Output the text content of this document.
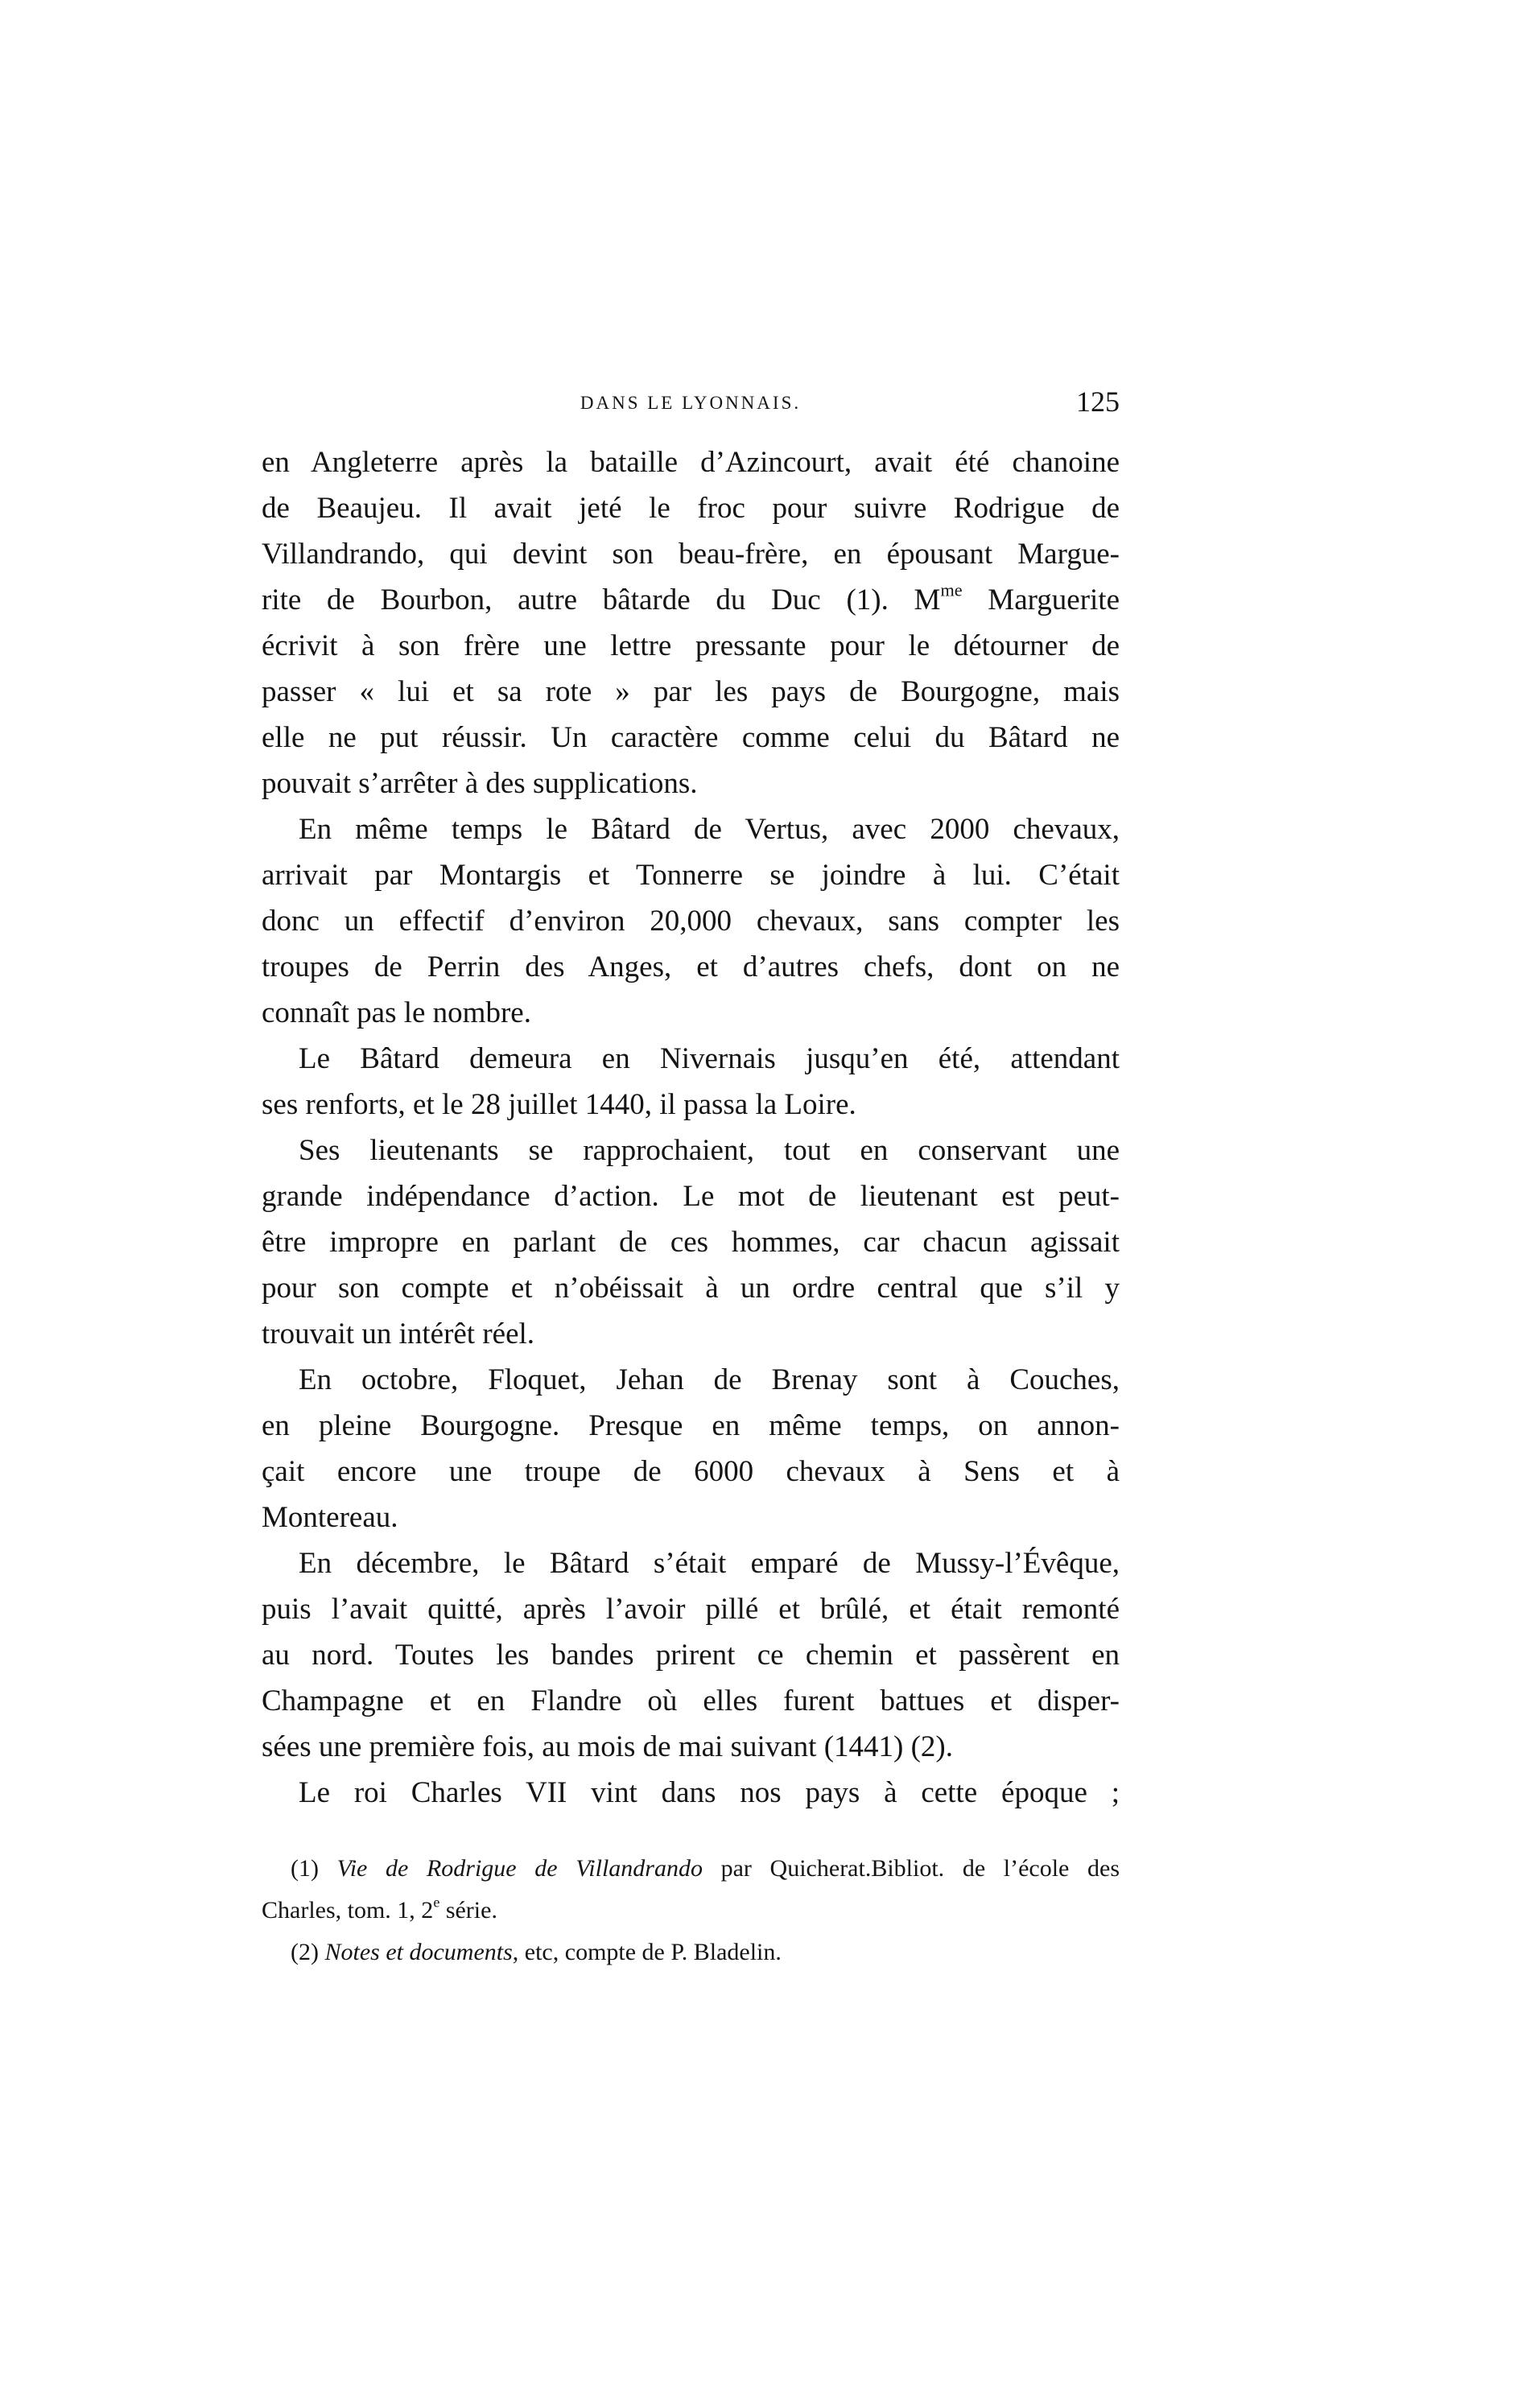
DANS LE LYONNAIS.	125
en Angleterre après la bataille d’Azincourt, avait été chanoine
de Beaujeu. Il avait jeté le froc pour suivre Rodrigue de
Villandrando, qui devint son beau-frère, en épousant Margue-
rite de Bourbon, autre bâtarde du Duc (1). $M^{me}$ Marguerite
écrivit à son frère une lettre pressante pour le détourner de
passer « lui et sa rote » par les pays de Bourgogne, mais
elle ne put réussir. Un caractère comme celui du Bâtard ne
pouvait s’arrêter à des supplications.
En même temps le Bâtard de Vertus, avec 2000 chevaux,
arrivait par Montargis et Tonnerre se joindre à lui. C’était
donc un effectif d’environ 20,000 chevaux, sans compter les
troupes de Perrin des Anges, et d’autres chefs, dont on ne
connaît pas le nombre.
Le Bâtard demeura en Nivernais jusqu’en été, attendant
ses renforts, et le 28 juillet 1440, il passa la Loire.
Ses lieutenants se rapprochaient, tout en conservant une
grande indépendance d’action. Le mot de lieutenant est peut-
être impropre en parlant de ces hommes, car chacun agissait
pour son compte et n’obéissait à un ordre central que s’il y
trouvait un intérêt réel.
En octobre, Floquet, Jehan de Brenay sont à Couches,
en pleine Bourgogne. Presque en même temps, on annon-
çait encore une troupe de 6000 chevaux à Sens et à
Montereau.
En décembre, le Bâtard s’était emparé de Mussy-l’Évêque,
puis l’avait quitté, après l’avoir pillé et brûlé, et était remonté
au nord. Toutes les bandes prirent ce chemin et passèrent en
Champagne et en Flandre où elles furent battues et disper-
sées une première fois, au mois de mai suivant (1441) (2).
Le roi Charles VII vint dans nos pays à cette époque ;
(1) Vie de Rodrigue de Villandrando par Quicherat.Bibliot. de l’école des
Charles, tom. 1, 2e série.
(2) Notes et documents, etc, compte de P. Bladelin.
